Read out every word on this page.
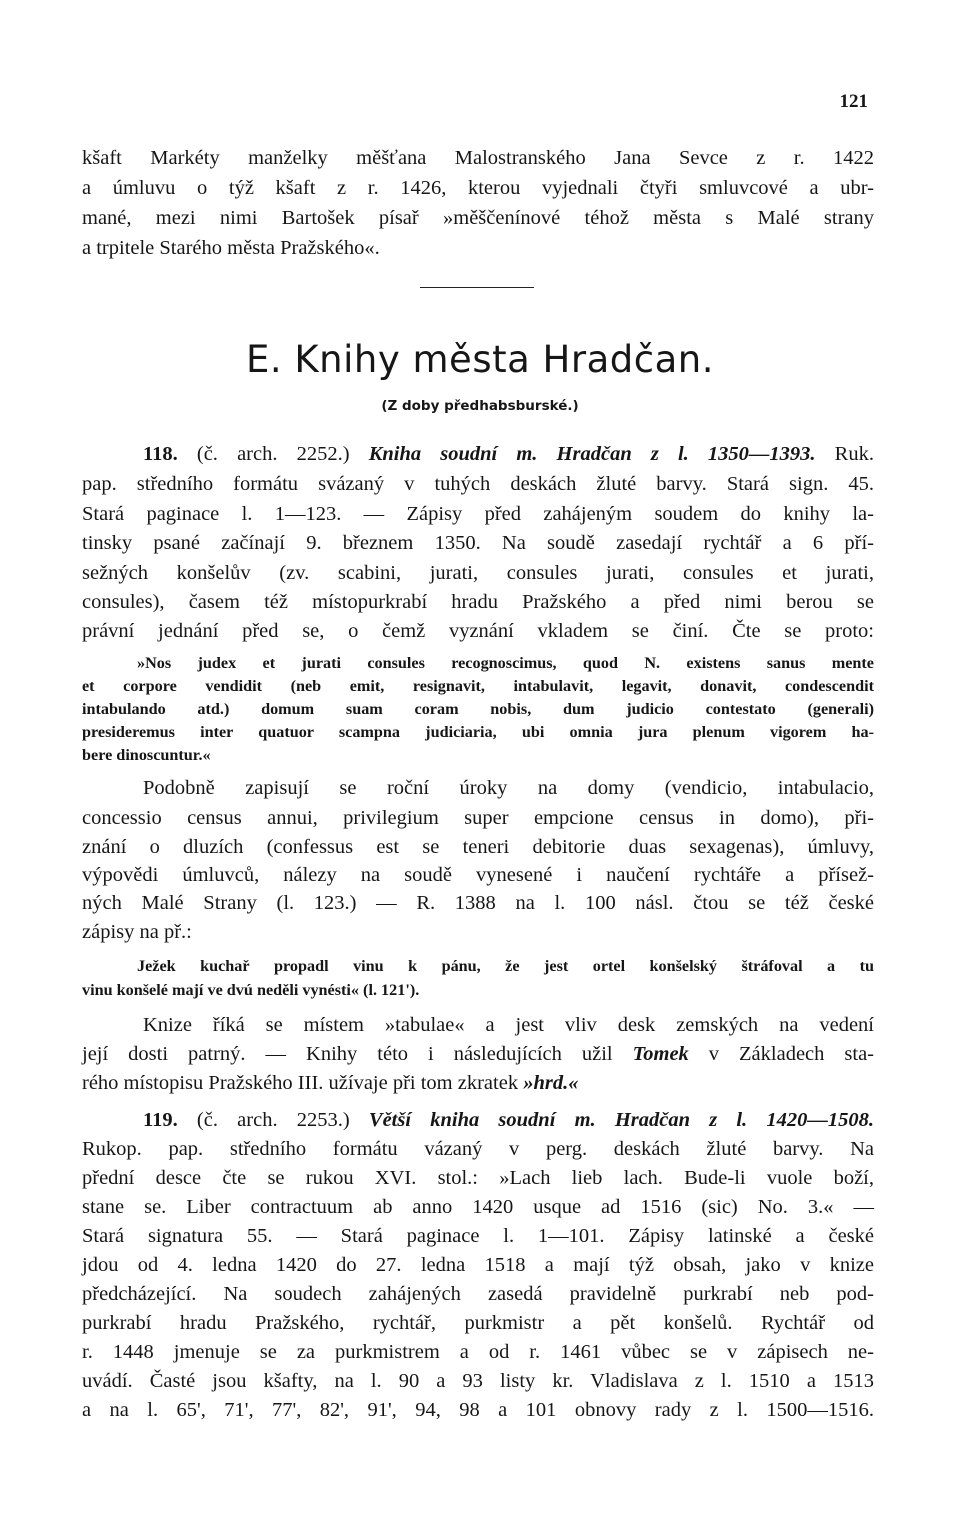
121
kšaft Markéty manželky měšťana Malostranského Jana Sevce z r. 1422
a úmluvu o týž kšaft z r. 1426, kterou vyjednali čtyři smluvcové a ubr-
mané, mezi nimi Bartošek písař »měščenínové téhož města s Malé strany
a trpitele Starého města Pražského«.
E. Knihy města Hradčan.
(Z doby předhabsburské.)
118. (č. arch. 2252.) Kniha soudní m. Hradčan z l. 1350—1393. Ruk.
pap. středního formátu svázaný v tuhých deskách žluté barvy. Stará sign. 45.
Stará paginace l. 1—123. — Zápisy před zahájeným soudem do knihy la-
tinsky psané začínají 9. březnem 1350. Na soudě zasedají rychtář a 6 pří-
sežných konšelův (zv. scabini, jurati, consules jurati, consules et jurati,
consules), časem též místopurkrabí hradu Pražského a před nimi berou se
právní jednání před se, o čemž vyznání vkladem se činí. Čte se proto:
»Nos judex et jurati consules recognoscimus, quod N. existens sanus mente
et corpore vendidit (neb emit, resignavit, intabulavit, legavit, donavit, condescendit
intabulando atd.) domum suam coram nobis, dum judicio contestato (generali)
presideremus inter quatuor scampna judiciaria, ubi omnia jura plenum vigorem ha-
bere dinoscuntur.«
Podobně zapisují se roční úroky na domy (vendicio, intabulacio,
concessio census annui, privilegium super empcione census in domo), při-
znání o dluzích (confessus est se teneri debitorie duas sexagenas), úmluvy,
výpovědi úmluvců, nálezy na soudě vynesené i naučení rychtáře a přísež-
ných Malé Strany (l. 123.) — R. 1388 na l. 100 násl. čtou se též české
zápisy na př.:
Ježek kuchař propadl vinu k pánu, že jest ortel konšelský štráfoval a tu
vinu konšelé mají ve dvú neděli vynésti« (l. 121').
Knize říká se místem »tabulae« a jest vliv desk zemských na vedení
její dosti patrný. — Knihy této i následujících užil Tomek v Základech sta-
rého místopisu Pražského III. užívaje při tom zkratek »hrd.«
119. (č. arch. 2253.) Větší kniha soudní m. Hradčan z l. 1420—1508.
Rukop. pap. středního formátu vázaný v perg. deskách žluté barvy. Na
přední desce čte se rukou XVI. stol.: »Lach lieb lach. Bude-li vuole boží,
stane se. Liber contractuum ab anno 1420 usque ad 1516 (sic) No. 3.« —
Stará signatura 55. — Stará paginace l. 1—101. Zápisy latinské a české
jdou od 4. ledna 1420 do 27. ledna 1518 a mají týž obsah, jako v knize
předcházející. Na soudech zahájených zasedá pravidelně purkrabí neb pod-
purkrabí hradu Pražského, rychtář, purkmistr a pět konšelů. Rychtář od
r. 1448 jmenuje se za purkmistrem a od r. 1461 vůbec se v zápisech ne-
uvádí. Časté jsou kšafty, na l. 90 a 93 listy kr. Vladislava z l. 1510 a 1513
a na l. 65', 71', 77', 82', 91', 94, 98 a 101 obnovy rady z l. 1500—1516.
